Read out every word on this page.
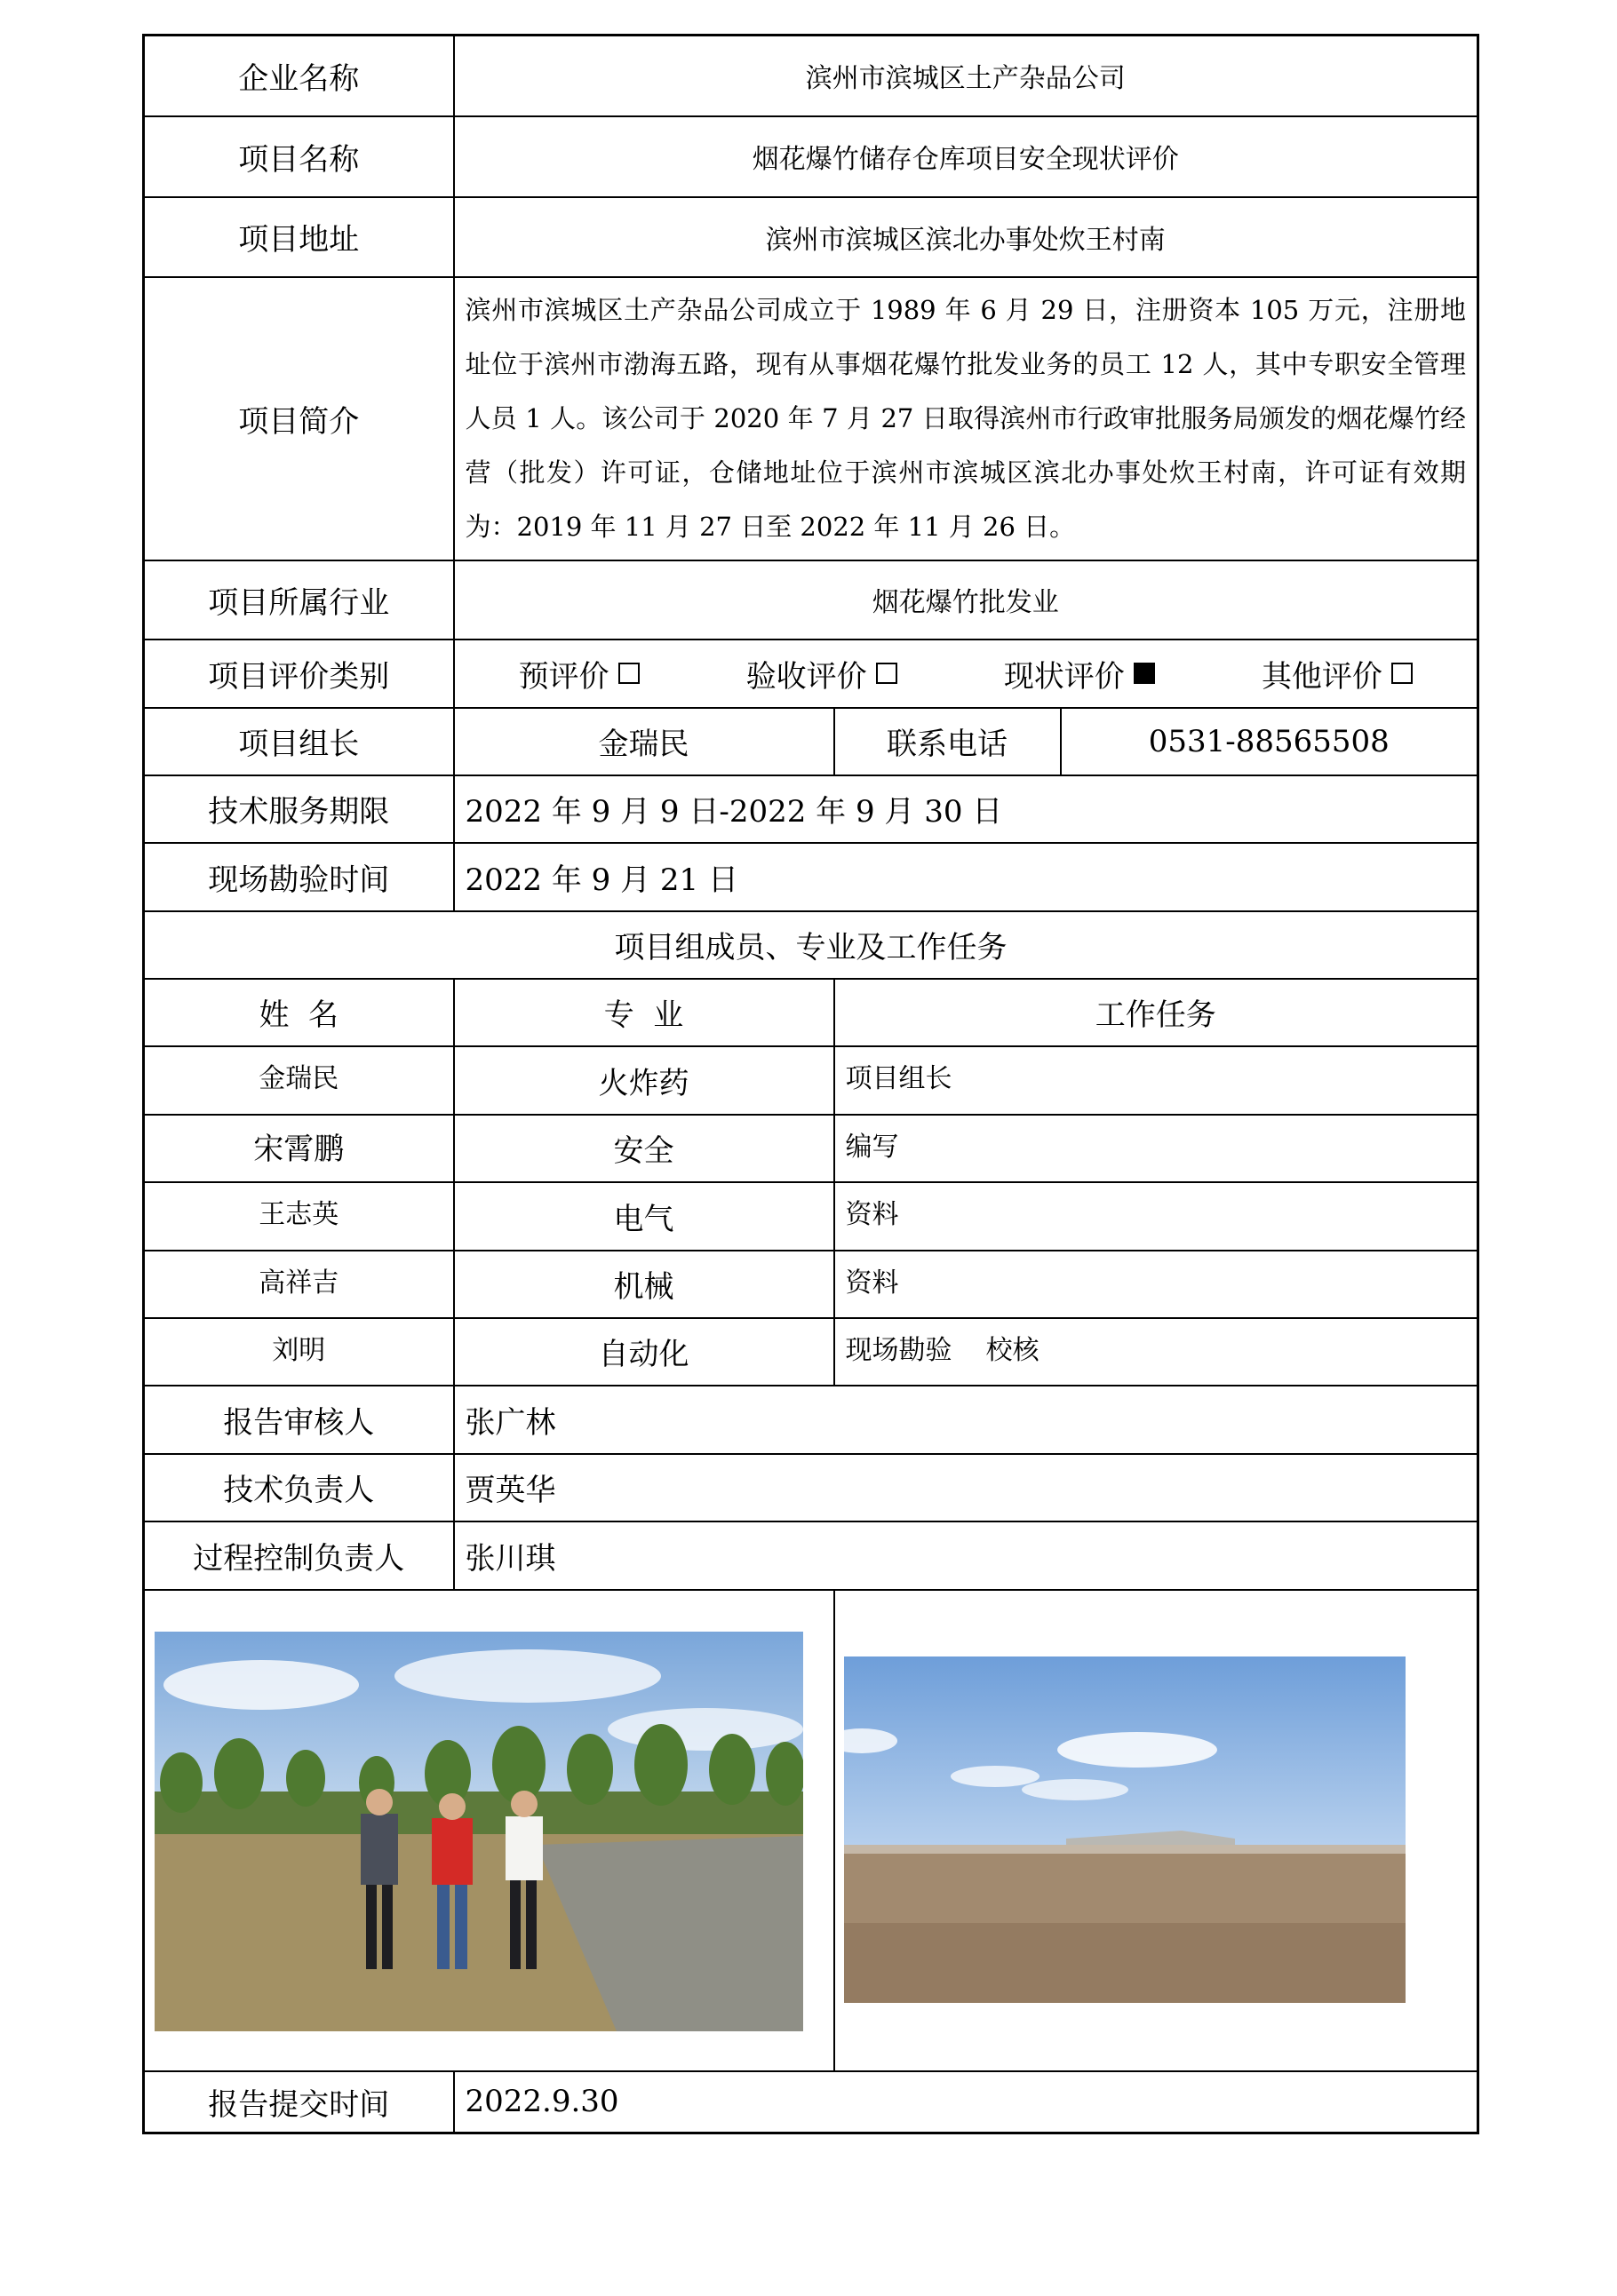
企业名称	滨州市滨城区土产杂品公司		
项目名称	烟花爆竹储存仓库项目安全现状评价		
项目地址	滨州市滨城区滨北办事处炊王村南		
项目简介	滨州市滨城区土产杂品公司成立于 1989 年 6 月 29 日，注册资本 105 万元，注册地址位于滨州市渤海五路，现有从事烟花爆竹批发业务的员工 12 人，其中专职安全管理人员 1 人。该公司于 2020 年 7 月 27 日取得滨州市行政审批服务局颁发的烟花爆竹经营（批发）许可证，仓储地址位于滨州市滨城区滨北办事处炊王村南，许可证有效期为：2019 年 11 月 27 日至 2022 年 11 月 26 日。		
项目所属行业	烟花爆竹批发业		
项目评价类别	预评价 验收评价 现状评价 其他评价		

项目组长	金瑞民	联系电话	0531-88565508
技术服务期限	2022 年 9 月 9 日-2022 年 9 月 30 日		
现场勘验时间	2022 年 9 月 21 日		
项目组成员、专业及工作任务			
姓  名	专  业	工作任务	
金瑞民	火炸药	项目组长	
宋霄鹏	安全	编写	
王志英	电气	资料	
高祥吉	机械	资料	
刘明	自动化	现场勘验    校核	
报告审核人	张广林		
技术负责人	贾英华		
过程控制负责人	张川琪		

报告提交时间	2022.9.30		
